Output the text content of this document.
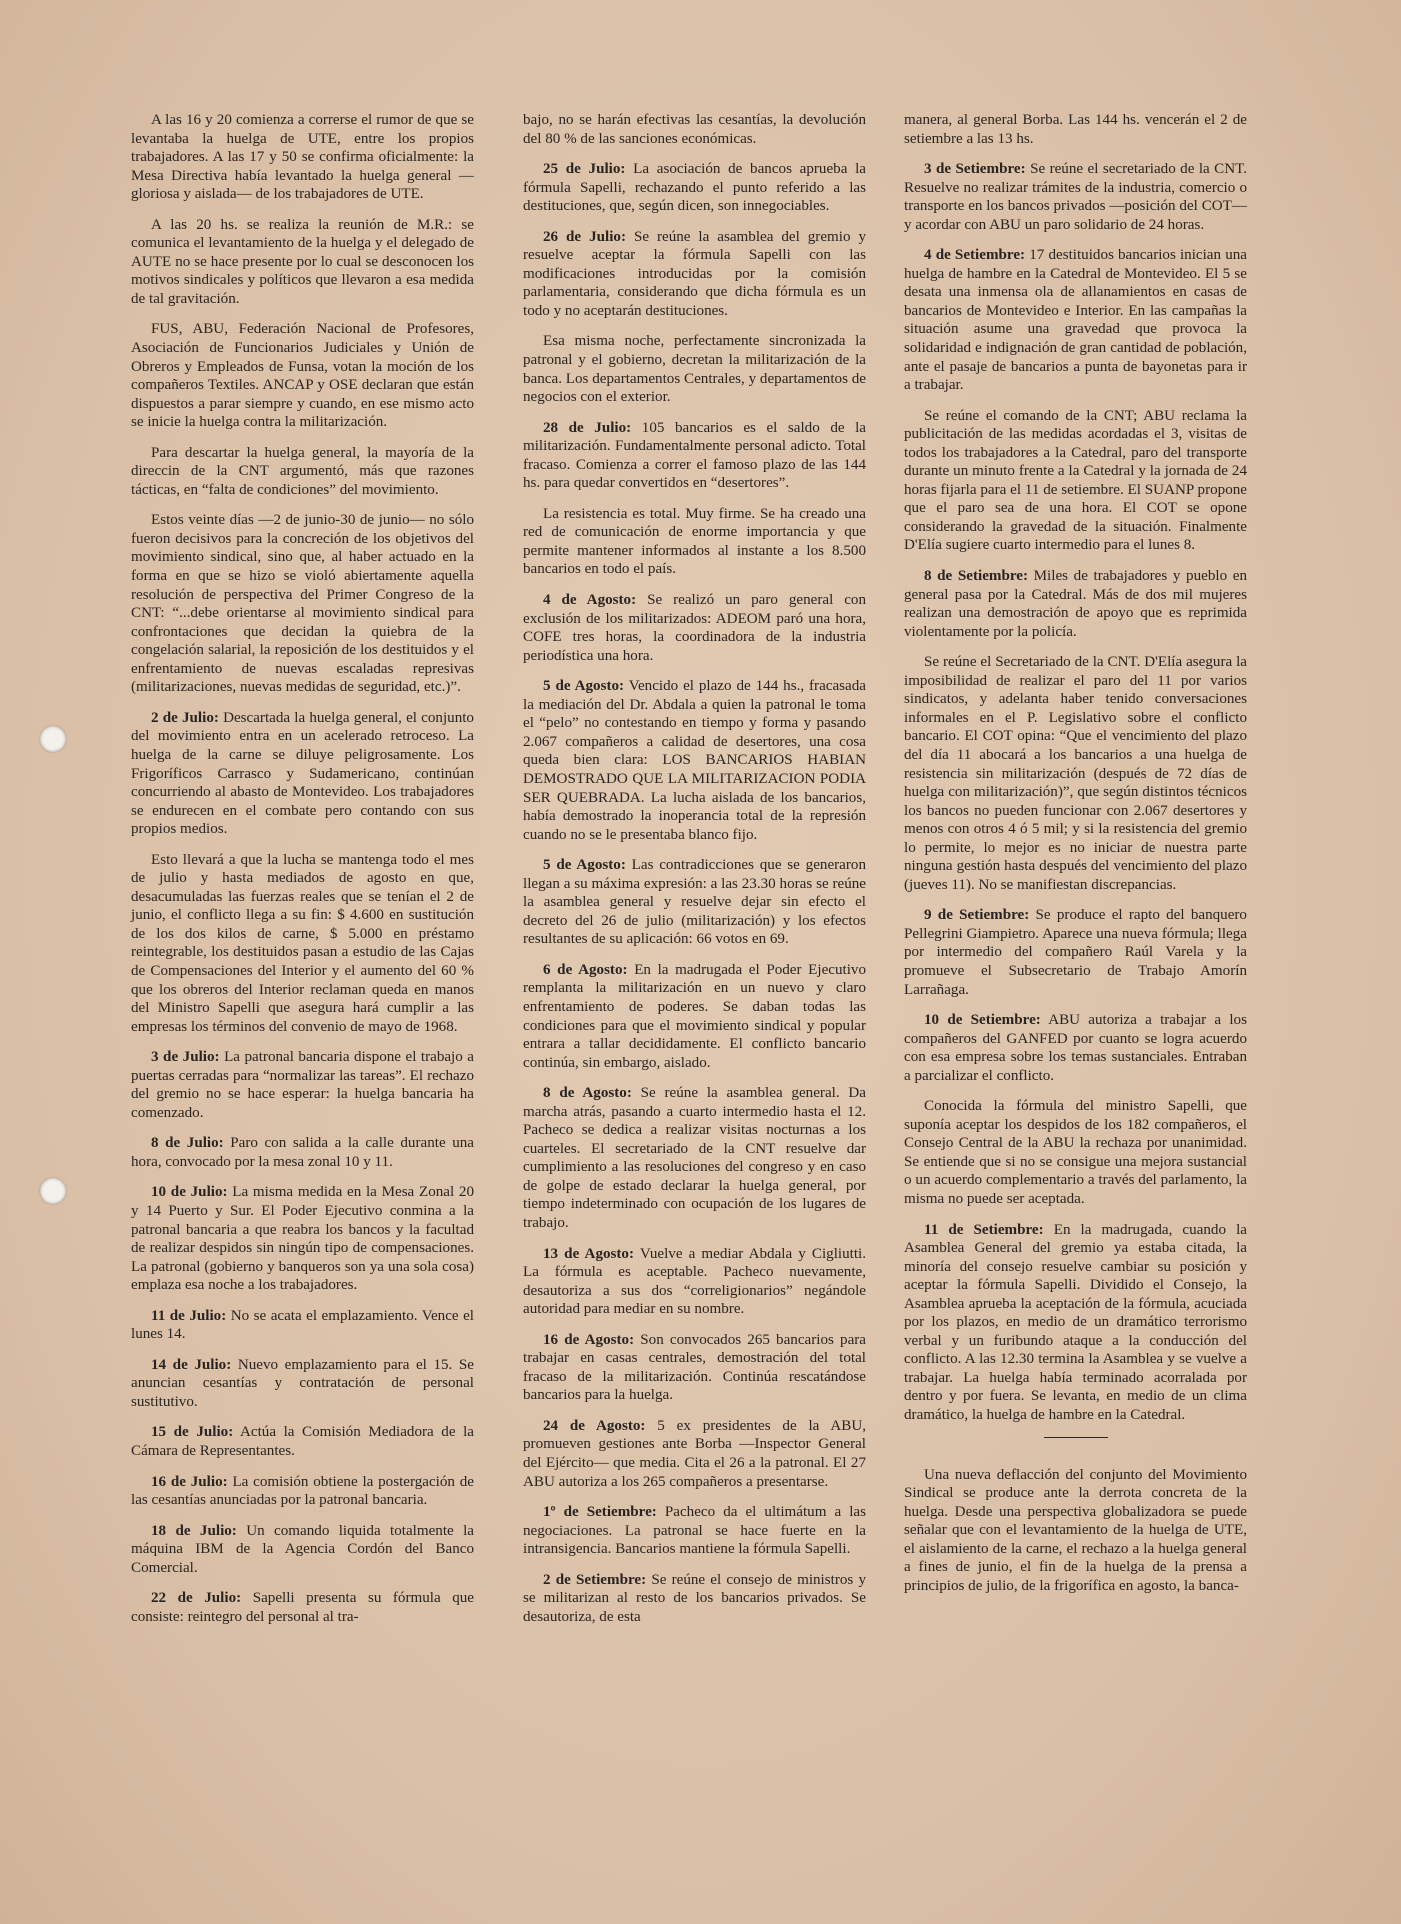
A las 16 y 20 comienza a correrse el rumor de que se levantaba la huelga de UTE, entre los propios trabajadores. A las 17 y 50 se confirma oficialmente: la Mesa Directiva había levantado la huelga general —gloriosa y aislada— de los trabajadores de UTE.

A las 20 hs. se realiza la reunión de M.R.: se comunica el levantamiento de la huelga y el delegado de AUTE no se hace presente por lo cual se desconocen los motivos sindicales y políticos que llevaron a esa medida de tal gravitación.

FUS, ABU, Federación Nacional de Profesores, Asociación de Funcionarios Judiciales y Unión de Obreros y Empleados de Funsa, votan la moción de los compañeros Textiles. ANCAP y OSE declaran que están dispuestos a parar siempre y cuando, en ese mismo acto se inicie la huelga contra la militarización.

Para descartar la huelga general, la mayoría de la direccin de la CNT argumentó, más que razones tácticas, en “falta de condiciones” del movimiento.

Estos veinte días —2 de junio-30 de junio— no sólo fueron decisivos para la concreción de los objetivos del movimiento sindical, sino que, al haber actuado en la forma en que se hizo se violó abiertamente aquella resolución de perspectiva del Primer Congreso de la CNT: “...debe orientarse al movimiento sindical para confrontaciones que decidan la quiebra de la congelación salarial, la reposición de los destituidos y el enfrentamiento de nuevas escaladas represivas (militarizaciones, nuevas medidas de seguridad, etc.)”.

2 de Julio: Descartada la huelga general, el conjunto del movimiento entra en un acelerado retroceso. La huelga de la carne se diluye peligrosamente. Los Frigoríficos Carrasco y Sudamericano, continúan concurriendo al abasto de Montevideo. Los trabajadores se endurecen en el combate pero contando con sus propios medios.

Esto llevará a que la lucha se mantenga todo el mes de julio y hasta mediados de agosto en que, desacumuladas las fuerzas reales que se tenían el 2 de junio, el conflicto llega a su fin: $ 4.600 en sustitución de los dos kilos de carne, $ 5.000 en préstamo reintegrable, los destituidos pasan a estudio de las Cajas de Compensaciones del Interior y el aumento del 60 % que los obreros del Interior reclaman queda en manos del Ministro Sapelli que asegura hará cumplir a las empresas los términos del convenio de mayo de 1968.

3 de Julio: La patronal bancaria dispone el trabajo a puertas cerradas para “normalizar las tareas”. El rechazo del gremio no se hace esperar: la huelga bancaria ha comenzado.

8 de Julio: Paro con salida a la calle durante una hora, convocado por la mesa zonal 10 y 11.

10 de Julio: La misma medida en la Mesa Zonal 20 y 14 Puerto y Sur. El Poder Ejecutivo conmina a la patronal bancaria a que reabra los bancos y la facultad de realizar despidos sin ningún tipo de compensaciones. La patronal (gobierno y banqueros son ya una sola cosa) emplaza esa noche a los trabajadores.

11 de Julio: No se acata el emplazamiento. Vence el lunes 14.

14 de Julio: Nuevo emplazamiento para el 15. Se anuncian cesantías y contratación de personal sustitutivo.

15 de Julio: Actúa la Comisión Mediadora de la Cámara de Representantes.

16 de Julio: La comisión obtiene la postergación de las cesantías anunciadas por la patronal bancaria.

18 de Julio: Un comando liquida totalmente la máquina IBM de la Agencia Cordón del Banco Comercial.

22 de Julio: Sapelli presenta su fórmula que consiste: reintegro del personal al tra-

bajo, no se harán efectivas las cesantías, la devolución del 80 % de las sanciones económicas.

25 de Julio: La asociación de bancos aprueba la fórmula Sapelli, rechazando el punto referido a las destituciones, que, según dicen, son innegociables.

26 de Julio: Se reúne la asamblea del gremio y resuelve aceptar la fórmula Sapelli con las modificaciones introducidas por la comisión parlamentaria, considerando que dicha fórmula es un todo y no aceptarán destituciones.

Esa misma noche, perfectamente sincronizada la patronal y el gobierno, decretan la militarización de la banca. Los departamentos Centrales, y departamentos de negocios con el exterior.

28 de Julio: 105 bancarios es el saldo de la militarización. Fundamentalmente personal adicto. Total fracaso. Comienza a correr el famoso plazo de las 144 hs. para quedar convertidos en “desertores”.

La resistencia es total. Muy firme. Se ha creado una red de comunicación de enorme importancia y que permite mantener informados al instante a los 8.500 bancarios en todo el país.

4 de Agosto: Se realizó un paro general con exclusión de los militarizados: ADEOM paró una hora, COFE tres horas, la coordinadora de la industria periodística una hora.

5 de Agosto: Vencido el plazo de 144 hs., fracasada la mediación del Dr. Abdala a quien la patronal le toma el “pelo” no contestando en tiempo y forma y pasando 2.067 compañeros a calidad de desertores, una cosa queda bien clara: LOS BANCARIOS HABIAN DEMOSTRADO QUE LA MILITARIZACION PODIA SER QUEBRADA. La lucha aislada de los bancarios, había demostrado la inoperancia total de la represión cuando no se le presentaba blanco fijo.

5 de Agosto: Las contradicciones que se generaron llegan a su máxima expresión: a las 23.30 horas se reúne la asamblea general y resuelve dejar sin efecto el decreto del 26 de julio (militarización) y los efectos resultantes de su aplicación: 66 votos en 69.

6 de Agosto: En la madrugada el Poder Ejecutivo remplanta la militarización en un nuevo y claro enfrentamiento de poderes. Se daban todas las condiciones para que el movimiento sindical y popular entrara a tallar decididamente. El conflicto bancario continúa, sin embargo, aislado.

8 de Agosto: Se reúne la asamblea general. Da marcha atrás, pasando a cuarto intermedio hasta el 12. Pacheco se dedica a realizar visitas nocturnas a los cuarteles. El secretariado de la CNT resuelve dar cumplimiento a las resoluciones del congreso y en caso de golpe de estado declarar la huelga general, por tiempo indeterminado con ocupación de los lugares de trabajo.

13 de Agosto: Vuelve a mediar Abdala y Cigliutti. La fórmula es aceptable. Pacheco nuevamente, desautoriza a sus dos “correligionarios” negándole autoridad para mediar en su nombre.

16 de Agosto: Son convocados 265 bancarios para trabajar en casas centrales, demostración del total fracaso de la militarización. Continúa rescatándose bancarios para la huelga.

24 de Agosto: 5 ex presidentes de la ABU, promueven gestiones ante Borba —Inspector General del Ejército— que media. Cita el 26 a la patronal. El 27 ABU autoriza a los 265 compañeros a presentarse.

1º de Setiembre: Pacheco da el ultimátum a las negociaciones. La patronal se hace fuerte en la intransigencia. Bancarios mantiene la fórmula Sapelli.

2 de Setiembre: Se reúne el consejo de ministros y se militarizan al resto de los bancarios privados. Se desautoriza, de esta

manera, al general Borba. Las 144 hs. vencerán el 2 de setiembre a las 13 hs.

3 de Setiembre: Se reúne el secretariado de la CNT. Resuelve no realizar trámites de la industria, comercio o transporte en los bancos privados —posición del COT— y acordar con ABU un paro solidario de 24 horas.

4 de Setiembre: 17 destituidos bancarios inician una huelga de hambre en la Catedral de Montevideo. El 5 se desata una inmensa ola de allanamientos en casas de bancarios de Montevideo e Interior. En las campañas la situación asume una gravedad que provoca la solidaridad e indignación de gran cantidad de población, ante el pasaje de bancarios a punta de bayonetas para ir a trabajar.

Se reúne el comando de la CNT; ABU reclama la publicitación de las medidas acordadas el 3, visitas de todos los trabajadores a la Catedral, paro del transporte durante un minuto frente a la Catedral y la jornada de 24 horas fijarla para el 11 de setiembre. El SUANP propone que el paro sea de una hora. El COT se opone considerando la gravedad de la situación. Finalmente D'Elía sugiere cuarto intermedio para el lunes 8.

8 de Setiembre: Miles de trabajadores y pueblo en general pasa por la Catedral. Más de dos mil mujeres realizan una demostración de apoyo que es reprimida violentamente por la policía.

Se reúne el Secretariado de la CNT. D'Elía asegura la imposibilidad de realizar el paro del 11 por varios sindicatos, y adelanta haber tenido conversaciones informales en el P. Legislativo sobre el conflicto bancario. El COT opina: “Que el vencimiento del plazo del día 11 abocará a los bancarios a una huelga de resistencia sin militarización (después de 72 días de huelga con militarización)”, que según distintos técnicos los bancos no pueden funcionar con 2.067 desertores y menos con otros 4 ó 5 mil; y si la resistencia del gremio lo permite, lo mejor es no iniciar de nuestra parte ninguna gestión hasta después del vencimiento del plazo (jueves 11). No se manifiestan discrepancias.

9 de Setiembre: Se produce el rapto del banquero Pellegrini Giampietro. Aparece una nueva fórmula; llega por intermedio del compañero Raúl Varela y la promueve el Subsecretario de Trabajo Amorín Larrañaga.

10 de Setiembre: ABU autoriza a trabajar a los compañeros del GANFED por cuanto se logra acuerdo con esa empresa sobre los temas sustanciales. Entraban a parcializar el conflicto.

Conocida la fórmula del ministro Sapelli, que suponía aceptar los despidos de los 182 compañeros, el Consejo Central de la ABU la rechaza por unanimidad. Se entiende que si no se consigue una mejora sustancial o un acuerdo complementario a través del parlamento, la misma no puede ser aceptada.

11 de Setiembre: En la madrugada, cuando la Asamblea General del gremio ya estaba citada, la minoría del consejo resuelve cambiar su posición y aceptar la fórmula Sapelli. Dividido el Consejo, la Asamblea aprueba la aceptación de la fórmula, acuciada por los plazos, en medio de un dramático terrorismo verbal y un furibundo ataque a la conducción del conflicto. A las 12.30 termina la Asamblea y se vuelve a trabajar. La huelga había terminado acorralada por dentro y por fuera. Se levanta, en medio de un clima dramático, la huelga de hambre en la Catedral.

Una nueva deflacción del conjunto del Movimiento Sindical se produce ante la derrota concreta de la huelga. Desde una perspectiva globalizadora se puede señalar que con el levantamiento de la huelga de UTE, el aislamiento de la carne, el rechazo a la huelga general a fines de junio, el fin de la huelga de la prensa a principios de julio, de la frigorífica en agosto, la banca-
